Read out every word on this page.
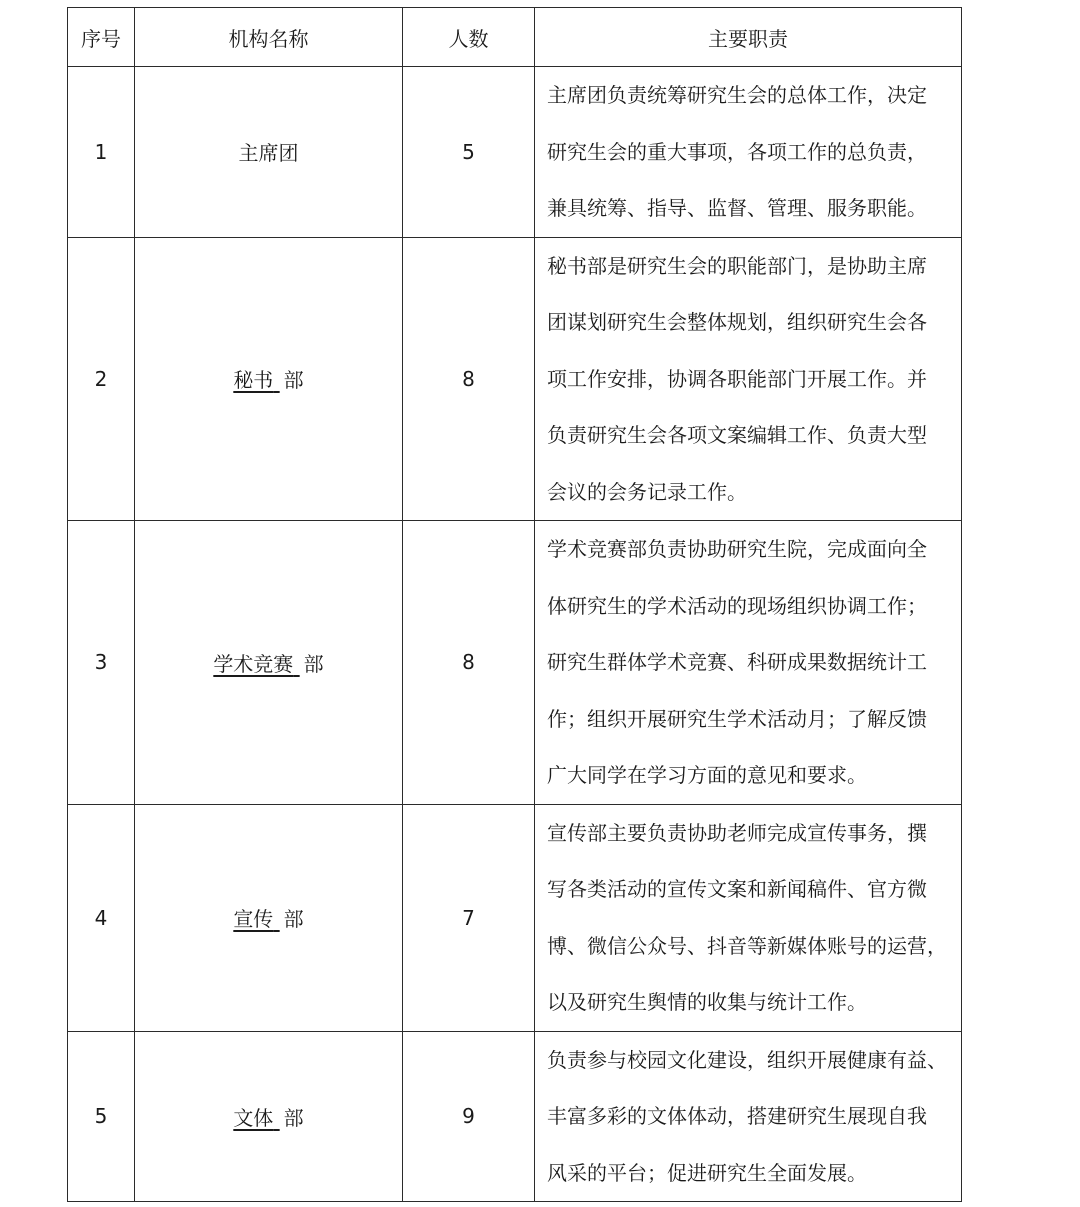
序号	机构名称	人数	主要职责
1	主席团	5	主席团负责统筹研究生会的总体工作，决定
研究生会的重大事项，各项工作的总负责，
兼具统筹、指导、监督、管理、服务职能。

2	秘书 部	8	秘书部是研究生会的职能部门，是协助主席
团谋划研究生会整体规划，组织研究生会各
项工作安排，协调各职能部门开展工作。并
负责研究生会各项文案编辑工作、负责大型
会议的会务记录工作。

3	学术竞赛 部	8	学术竞赛部负责协助研究生院，完成面向全
体研究生的学术活动的现场组织协调工作；
研究生群体学术竞赛、科研成果数据统计工
作；组织开展研究生学术活动月；了解反馈
广大同学在学习方面的意见和要求。

4	宣传 部	7	宣传部主要负责协助老师完成宣传事务，撰
写各类活动的宣传文案和新闻稿件、官方微
博、微信公众号、抖音等新媒体账号的运营，
以及研究生舆情的收集与统计工作。

5	文体 部	9	负责参与校园文化建设，组织开展健康有益、
丰富多彩的文体体动，搭建研究生展现自我
风采的平台；促进研究生全面发展。
